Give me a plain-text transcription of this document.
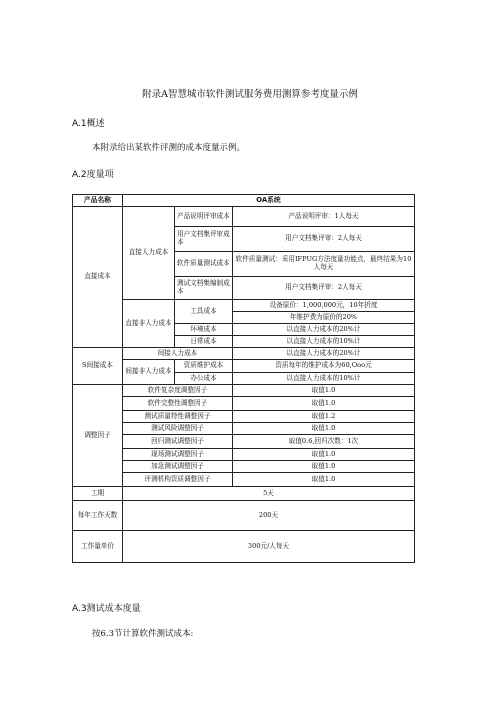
附录A智慧城市软件测试服务费用测算参考度量示例
A.1概述
本附录给出某软件评测的成本度量示例。
A.2度量项
产品名称	OA系统		
直接成本	直接人力成本	产品说明评审成本	产品说明评审：1人每天
		用户文档集评审成本	用户文档集评审：2人每天
		软件质量测试成本	软件质量测试：采用IFPUG方法度量功能点，最终结果为10人每天
		测试文档集编制成本	用户文档集评审：2人每天
	直接非人力成本	工具成本	设备原价：1,000,000元，10年折度
			年维护费为原价的20%
		环境成本	以直接人力成本的20%计
		日常成本	以直接人力成本的10%计
S间接成本	间接人力成本		以直接人力成本的20%计
	间接非人力成本	资质维护成本	资质每年的维护成本为60,Ooo元
		办公成本	以直接人力成本的10%计
调整因子	软件复杂度调整因子		取值1.0
	软件完整性调整因子		取值1.0
	测试质量特性调整因子		取值1.2
	测试风险调整因子		取值1.0
	回归测试调整因子		取值0.6,回归次数：1次
	现场测试调整因子		取值1.0
	加急测试调整因子		取值1.0
	评测机构资质调整因子		取值1.0
工期	5天		
每年工作天数	200天		
工作量单价	300元/人每天		
A.3测试成本度量
按6.3节计算软件测试成本:
